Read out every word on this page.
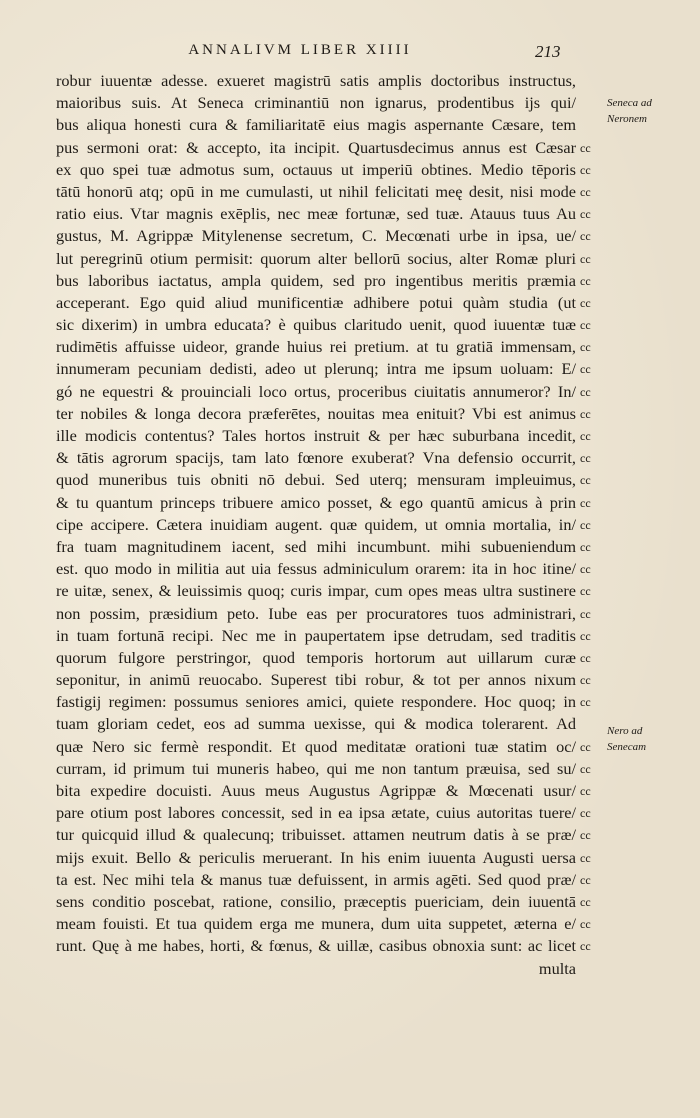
ANNALIVM LIBER XIIII	213
robur iuuentæ adesse. exueret magistrū satis amplis doctoribus instructus,
maioribus suis. At Seneca criminantiū non ignarus, prodentibus ijs qui/
bus aliqua honesti cura & familiaritatē eius magis aspernante Cæsare, tem
pus sermoni orat: & accepto, ita incipit. Quartusdecimus annus est Cæsar
ex quo spei tuæ admotus sum, octauus ut imperiū obtines. Medio tēporis
tātū honorū atq; opū in me cumulasti, ut nihil felicitati meę desit, nisi mode
ratio eius. Vtar magnis exēplis, nec meæ fortunæ, sed tuæ. Atauus tuus Au
gustus, M. Agrippæ Mitylenense secretum, C. Mecœnati urbe in ipsa, ue/
lut peregrinū otium permisit: quorum alter bellorū socius, alter Romæ pluri
bus laboribus iactatus, ampla quidem, sed pro ingentibus meritis præmia
acceperant. Ego quid aliud munificentiæ adhibere potui quàm studia (ut
sic dixerim) in umbra educata? è quibus claritudo uenit, quod iuuentæ tuæ
rudimētis affuisse uideor, grande huius rei pretium. at tu gratiā immensam,
innumeram pecuniam dedisti, adeo ut plerunq; intra me ipsum uoluam: E/
gó ne equestri & prouinciali loco ortus, proceribus ciuitatis annumeror? In/
ter nobiles & longa decora præferētes, nouitas mea enituit? Vbi est animus
ille modicis contentus? Tales hortos instruit & per hæc suburbana incedit,
& tātis agrorum spacijs, tam lato fœnore exuberat? Vna defensio occurrit,
quod muneribus tuis obniti nō debui. Sed uterq; mensuram impleuimus,
& tu quantum princeps tribuere amico posset, & ego quantū amicus à prin
cipe accipere. Cætera inuidiam augent. quæ quidem, ut omnia mortalia, in/
fra tuam magnitudinem iacent, sed mihi incumbunt. mihi subueniendum
est. quo modo in militia aut uia fessus adminiculum orarem: ita in hoc itine/
re uitæ, senex, & leuissimis quoq; curis impar, cum opes meas ultra sustinere
non possim, præsidium peto. Iube eas per procuratores tuos administrari,
in tuam fortunā recipi. Nec me in paupertatem ipse detrudam, sed traditis
quorum fulgore perstringor, quod temporis hortorum aut uillarum curæ
seponitur, in animū reuocabo. Superest tibi robur, & tot per annos nixum
fastigij regimen: possumus seniores amici, quiete respondere. Hoc quoq; in
tuam gloriam cedet, eos ad summa uexisse, qui & modica tolerarent. Ad
quæ Nero sic fermè respondit. Et quod meditatæ orationi tuæ statim oc/
curram, id primum tui muneris habeo, qui me non tantum præuisa, sed su/
bita expedire docuisti. Auus meus Augustus Agrippæ & Mœcenati usur/
pare otium post labores concessit, sed in ea ipsa ætate, cuius autoritas tuere/
tur quicquid illud & qualecunq; tribuisset. attamen neutrum datis à se præ/
mijs exuit. Bello & periculis meruerant. In his enim iuuenta Augusti uersa
ta est. Nec mihi tela & manus tuæ defuissent, in armis agēti. Sed quod præ/
sens conditio poscebat, ratione, consilio, præceptis puericiam, dein iuuentā
meam fouisti. Et tua quidem erga me munera, dum uita suppetet, æterna e/
runt. Quę à me habes, horti, & fœnus, & uillæ, casibus obnoxia sunt: ac licet
multa
cc
cc
cc
cc
cc
cc
cc
cc
cc
cc
cc
cc
cc
cc
cc
cc
cc
cc
cc
cc
cc
cc
cc
cc
cc
cc
cc
cc
cc
cc
cc
cc
cc
cc
cc
cc
Seneca ad
Neronem
Nero ad
Senecam
